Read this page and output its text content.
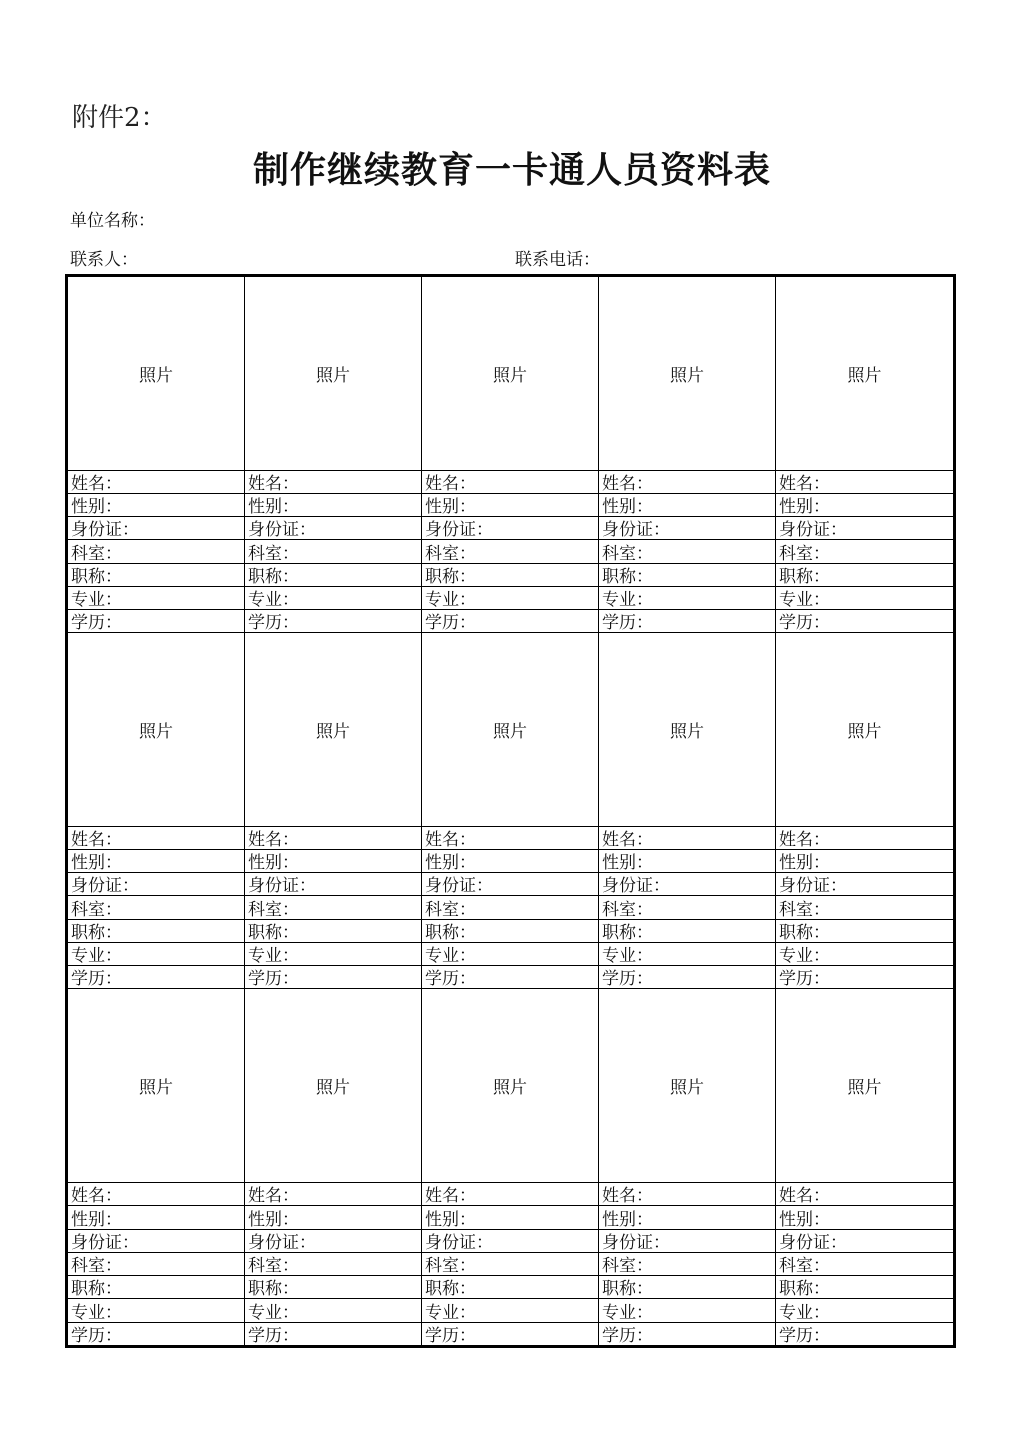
附件2：
制作继续教育一卡通人员资料表
单位名称：
联系人：	联系电话：
照片
姓名：
性别：
身份证：
科室：
职称：
专业：
学历：
照片
姓名：
性别：
身份证：
科室：
职称：
专业：
学历：
照片
姓名：
性别：
身份证：
科室：
职称：
专业：
学历：
照片
姓名：
性别：
身份证：
科室：
职称：
专业：
学历：
照片
姓名：
性别：
身份证：
科室：
职称：
专业：
学历：
照片
姓名：
性别：
身份证：
科室：
职称：
专业：
学历：
照片
姓名：
性别：
身份证：
科室：
职称：
专业：
学历：
照片
姓名：
性别：
身份证：
科室：
职称：
专业：
学历：
照片
姓名：
性别：
身份证：
科室：
职称：
专业：
学历：
照片
姓名：
性别：
身份证：
科室：
职称：
专业：
学历：
照片
姓名：
性别：
身份证：
科室：
职称：
专业：
学历：
照片
姓名：
性别：
身份证：
科室：
职称：
专业：
学历：
照片
姓名：
性别：
身份证：
科室：
职称：
专业：
学历：
照片
姓名：
性别：
身份证：
科室：
职称：
专业：
学历：
照片
姓名：
性别：
身份证：
科室：
职称：
专业：
学历：
